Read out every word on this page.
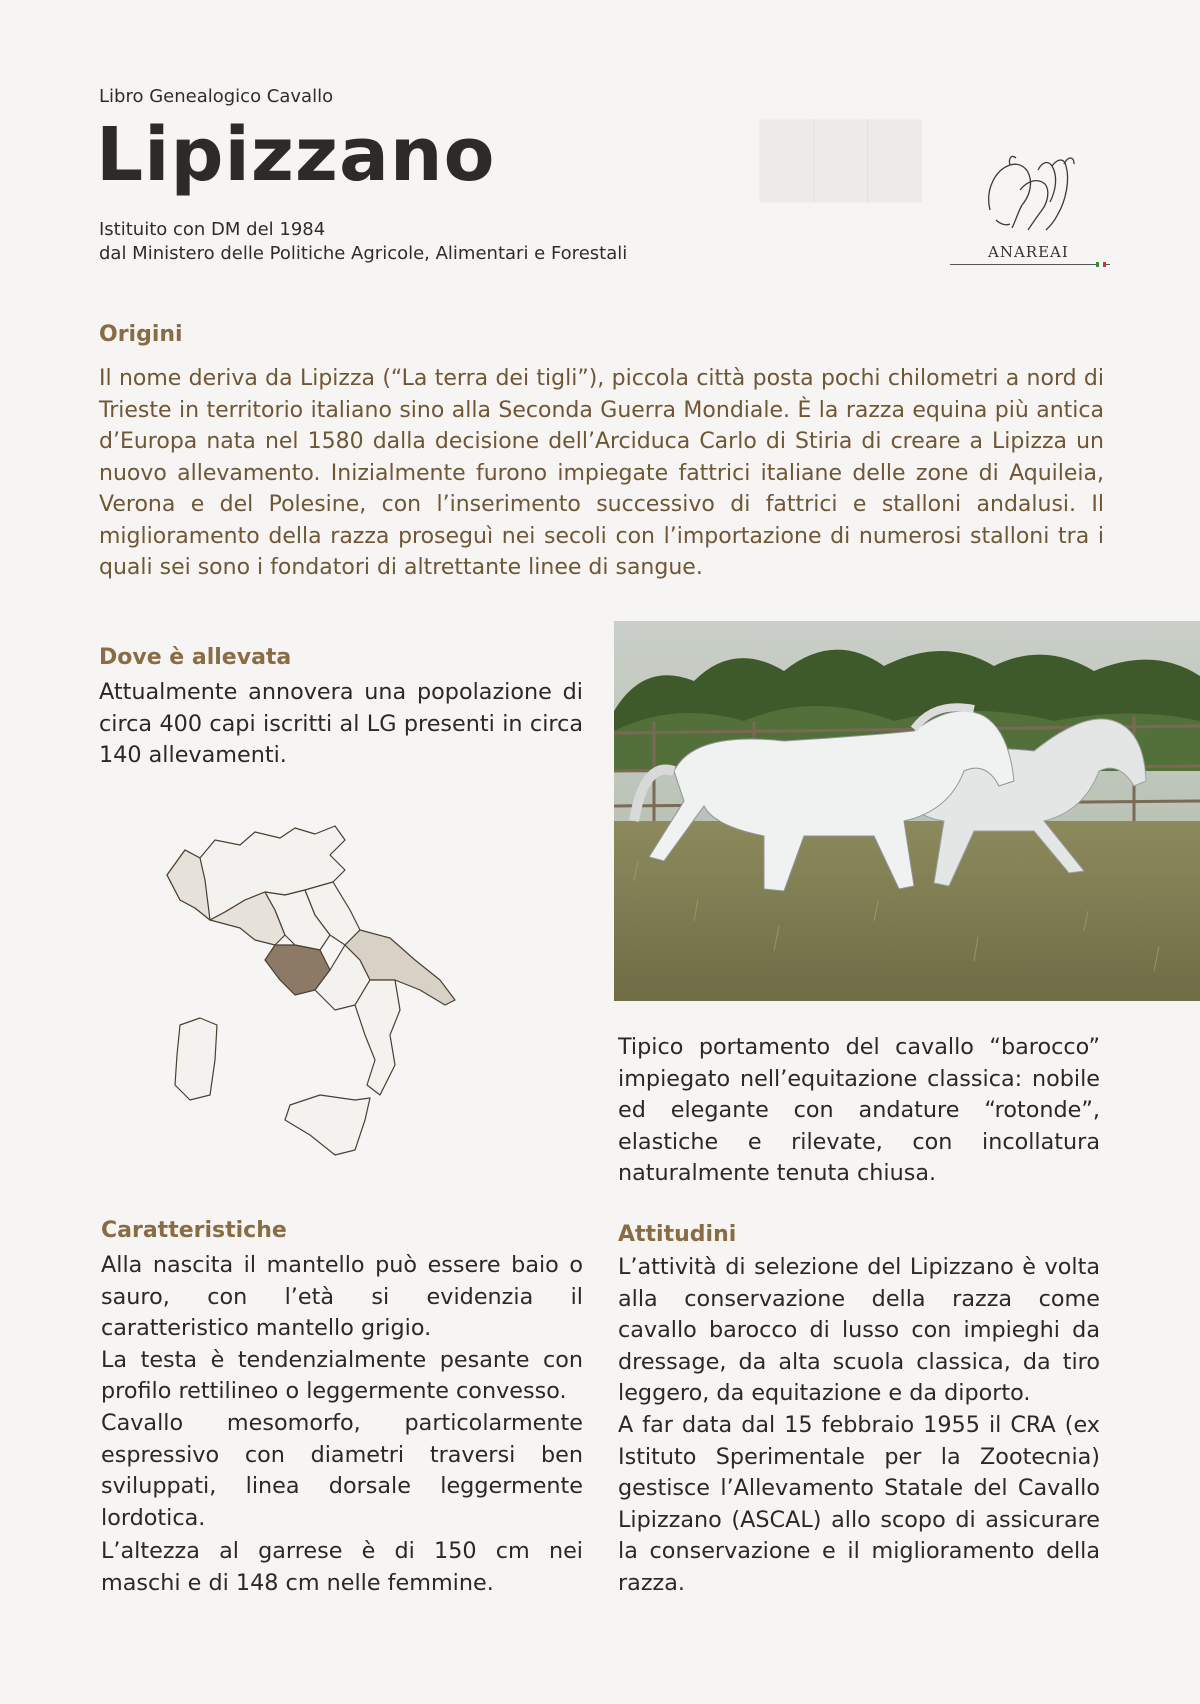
███
Libro Genealogico Cavallo
Lipizzano
Istituito con DM del 1984
dal Ministero delle Politiche Agricole, Alimentari e Forestali	ANAREAI
Origini
Il nome deriva da Lipizza (“La terra dei tigli”), piccola città posta pochi chilometri a nord di Trieste in territorio italiano sino alla Seconda Guerra Mondiale. È la razza equina più antica d’Europa nata nel 1580 dalla decisione dell’Arciduca Carlo di Stiria di creare a Lipizza un nuovo allevamento. Inizialmente furono impiegate fattrici italiane delle zone di Aquileia, Verona e del Polesine, con l’inserimento successivo di fattrici e stalloni andalusi. Il miglioramento della razza proseguì nei secoli con l’importazione di numerosi stalloni tra i quali sei sono i fondatori di altrettante linee di sangue.
Dove è allevata
Attualmente annovera una popolazione di circa 400 capi iscritti al LG presenti in circa 140 allevamenti.
Tipico portamento del cavallo “barocco” impiegato nell’equitazione classica: nobile ed elegante con andature “rotonde”, elastiche e rilevate, con incollatura naturalmente tenuta chiusa.
Caratteristiche

Alla nascita il mantello può essere baio o sauro, con l’età si evidenzia il caratteristico mantello grigio.

La testa è tendenzialmente pesante con profilo rettilineo o leggermente convesso.

Cavallo mesomorfo, particolarmente espressivo con diametri traversi ben sviluppati, linea dorsale leggermente lordotica.

L’altezza al garrese è di 150 cm nei maschi e di 148 cm nelle femmine.

Attitudini

L’attività di selezione del Lipizzano è volta alla conservazione della razza come cavallo barocco di lusso con impieghi da dressage, da alta scuola classica, da tiro leggero, da equitazione e da diporto.

A far data dal 15 febbraio 1955 il CRA (ex Istituto Sperimentale per la Zootecnia) gestisce l’Allevamento Statale del Cavallo Lipizzano (ASCAL) allo scopo di assicurare la conservazione e il miglioramento della razza.
